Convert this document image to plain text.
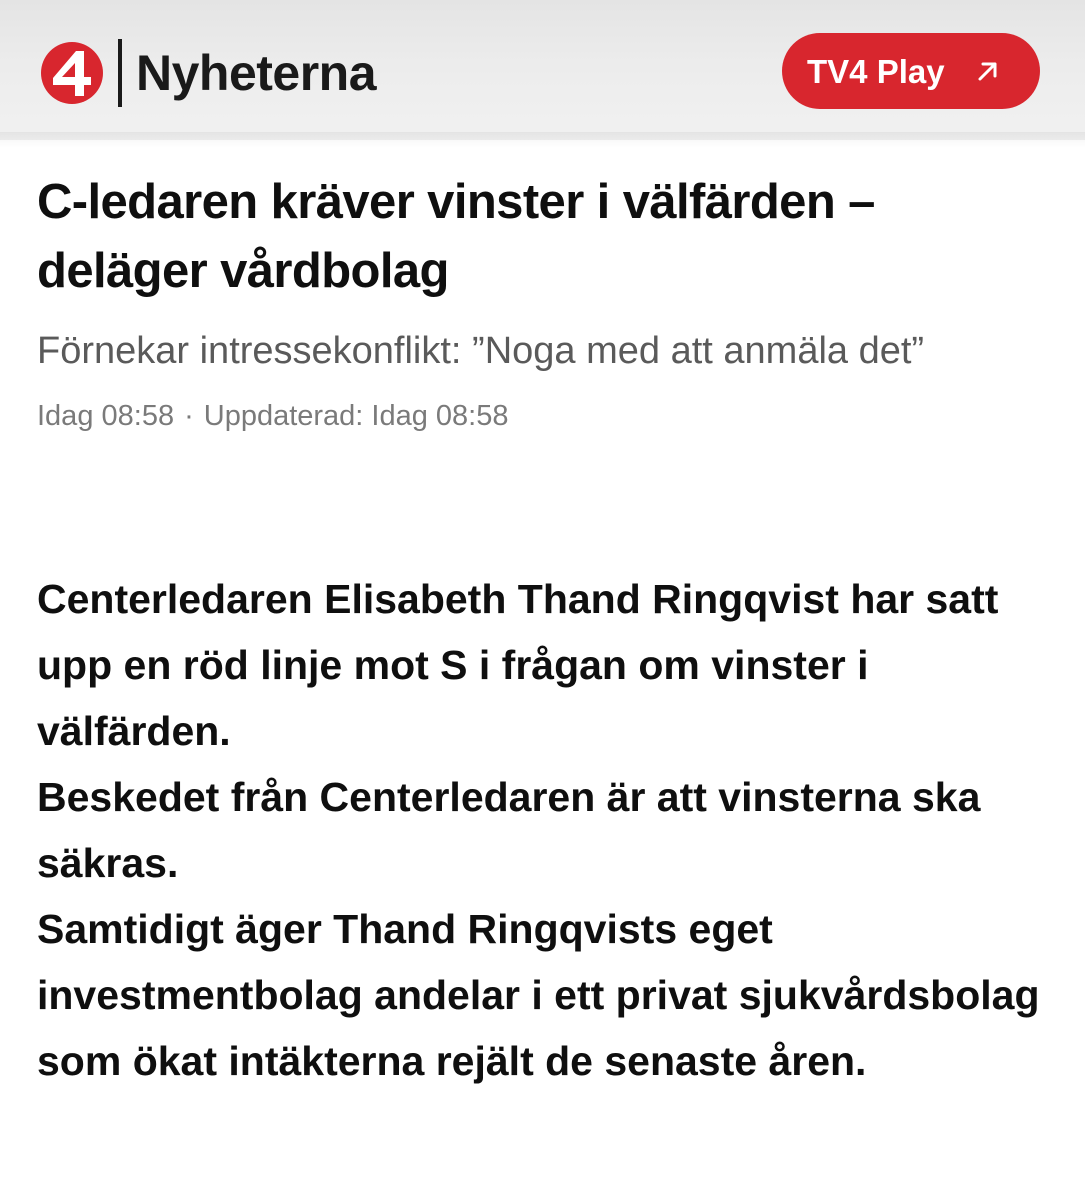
Nyheterna	TV4 Play
C-ledaren kräver vinster i välfärden – deläger vårdbolag

Förnekar intressekonflikt: ”Noga med att anmäla det”

Idag 08:58 · Uppdaterad: Idag 08:58

Centerledaren Elisabeth Thand Ringqvist har satt upp en röd linje mot S i frågan om vinster i välfärden.

Beskedet från Centerledaren är att vinsterna ska säkras.

Samtidigt äger Thand Ringqvists eget investmentbolag andelar i ett privat sjukvårdsbolag som ökat intäkterna rejält de senaste åren.
